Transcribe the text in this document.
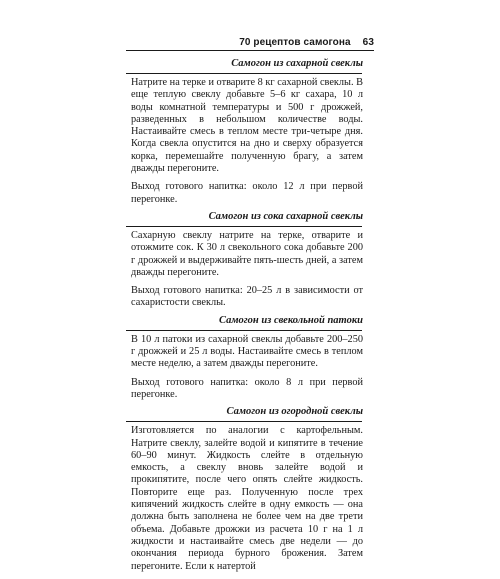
70 рецептов самогона 63
Самогон из сахарной свеклы

Натрите на терке и отварите 8 кг сахарной свеклы. В еще теплую свеклу добавьте 5–6 кг сахара, 10 л воды комнатной температуры и 500 г дрожжей, разведенных в небольшом количестве воды. Настаивайте смесь в теплом месте три-четыре дня. Когда свекла опустится на дно и сверху образуется корка, перемешайте полученную брагу, а затем дважды перегоните.

Выход готового напитка: около 12 л при первой перегонке.

Самогон из сока сахарной свеклы

Сахарную свеклу натрите на терке, отварите и отожмите сок. К 30 л свекольного сока добавьте 200 г дрожжей и выдерживайте пять-шесть дней, а затем дважды перегоните.

Выход готового напитка: 20–25 л в зависимости от сахаристости свеклы.

Самогон из свекольной патоки

В 10 л патоки из сахарной свеклы добавьте 200–250 г дрожжей и 25 л воды. Настаивайте смесь в теплом месте неделю, а затем дважды перегоните.

Выход готового напитка: около 8 л при первой перегонке.

Самогон из огородной свеклы

Изготовляется по аналогии с картофельным. Натрите свеклу, залейте водой и кипятите в течение 60–90 минут. Жидкость слейте в отдельную емкость, а свеклу вновь залейте водой и прокипятите, после чего опять слейте жидкость. Повторите еще раз. Полученную после трех кипячений жидкость слейте в одну емкость — она должна быть заполнена не более чем на две трети объема. Добавьте дрожжи из расчета 10 г на 1 л жидкости и настаивайте смесь две недели — до окончания периода бурного брожения. Затем перегоните. Если к натертой
